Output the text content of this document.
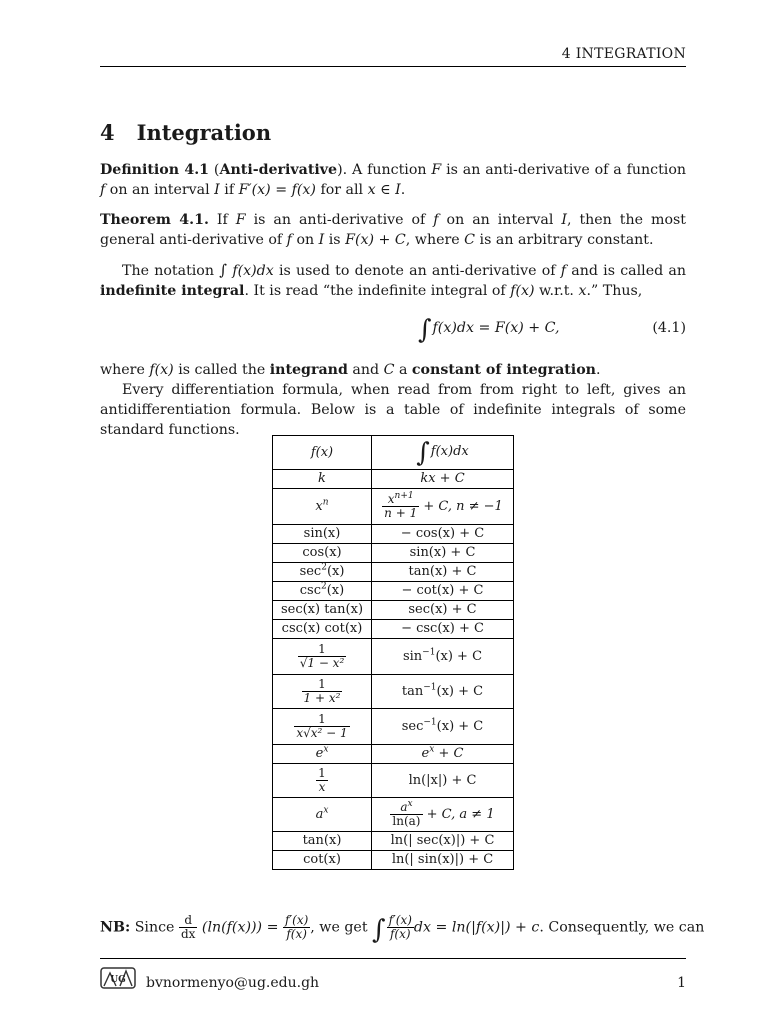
4 INTEGRATION
4 Integration

Definition 4.1 (Anti-derivative). A function F is an anti-derivative of a function f on an interval I if F′(x) = f(x) for all x ∈ I.

Theorem 4.1. If F is an anti-derivative of f on an interval I, then the most general anti-derivative of f on I is F(x) + C, where C is an arbitrary constant.

The notation ∫ f(x)dx is used to denote an anti-derivative of f and is called an indefinite integral. It is read “the indefinite integral of f(x) w.r.t. x.” Thus,

∫f(x)dx = F(x) + C,	(4.1)

where f(x) is called the integrand and C a constant of integration.

Every differentiation formula, when read from from right to left, gives an antidifferentiation formula. Below is a table of indefinite integrals of some standard functions.

f(x)	∫f(x)dx
k	kx + C
$x^n$	$\frac{x^{n+1}}{n + 1} + C$, n ≠ −1
sin(x)	− cos(x) + C
cos(x)	sin(x) + C
$\sec^2(x)$	tan(x) + C
$\csc^2(x)$	− cot(x) + C
sec(x) tan(x)	sec(x) + C
csc(x) cot(x)	− csc(x) + C

$\frac{1}{\text{√1 − x²}}$	$\sin^{-1}(x) + C$

$\frac{1}{\text{1 + x²}}$	$\tan^{-1}(x) + C$

$\frac{1}{\text{x√x² − 1}}$	$\sec^{-1}(x) + C$
$e^x$	$e^x + C$

$\frac{1}{x}$	ln(|x|) + C
$a^x$	$\frac{a^x}{\ln(a)} + C$, a ≠ 1
tan(x)	ln(| sec(x)|) + C
cot(x)	ln(| sin(x)|) + C
NB: Since $\frac{d}{dx} (\ln(f(x))) = \frac{f'(x)}{f(x)}$ , we get ∫ $\frac{f'(x)}{f(x)}$ dx = ln(|f(x)|) + c. Consequently, we can
UG bvnormenyo@ug.edu.gh	1
